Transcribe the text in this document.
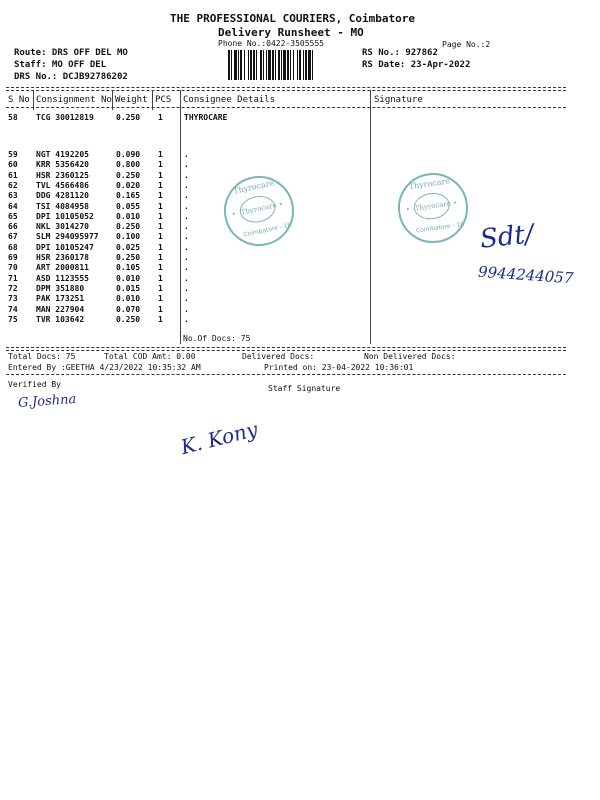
THE PROFESSIONAL COURIERS, Coimbatore
Delivery Runsheet - MO
Phone No.:0422-3505555	Page No.:2
Route: DRS OFF DEL MO
Staff: MO OFF DEL
DRS No.: DCJB92786202
RS No.: 927862
RS Date: 23-Apr-2022
S No Consignment No Weight PCS Consignee Details	Signature
58 TCG 30012819	0.250 1	THYROCARE
59 NGT 4192205	0.090 1	.
60 KRR 5356420	0.800 1	.
61 HSR 2360125	0.250 1	.
62 TVL 4566486	0.020 1	.
63 DDG 4281120	0.165 1	.
64 TSI 4084958	0.055 1	.
65 DPI 10105052	0.010 1	.
66 NKL 3014270	0.250 1	.
67 SLM 294095977 0.100 1	.
68 DPI 10105247	0.025 1	.
69 HSR 2360178	0.250 1	.
70 ART 2000811	0.105 1	.
71 ASD 1123555	0.010 1	.
72 DPM 351880	0.015 1	.
73 PAK 173251	0.010 1	.
74 MAN 227904	0.070 1	.
75 TVR 103642	0.250 1	.
No.Of Docs: 75
Thyrocare
★ Thyrocare ★
Coimbatore - 18
Thyrocare
★ Thyrocare ★
Coimbatore - 18 Sdt/
9944244057
G.Joshna
K. Kony
Total Docs: 75	Total COD Amt: 0.00	Delivered Docs:	Non Delivered Docs:
Entered By :GEETHA 4/23/2022 10:35:32 AM	Printed on: 23-04-2022 10:36:01
Verified By	Staff Signature
